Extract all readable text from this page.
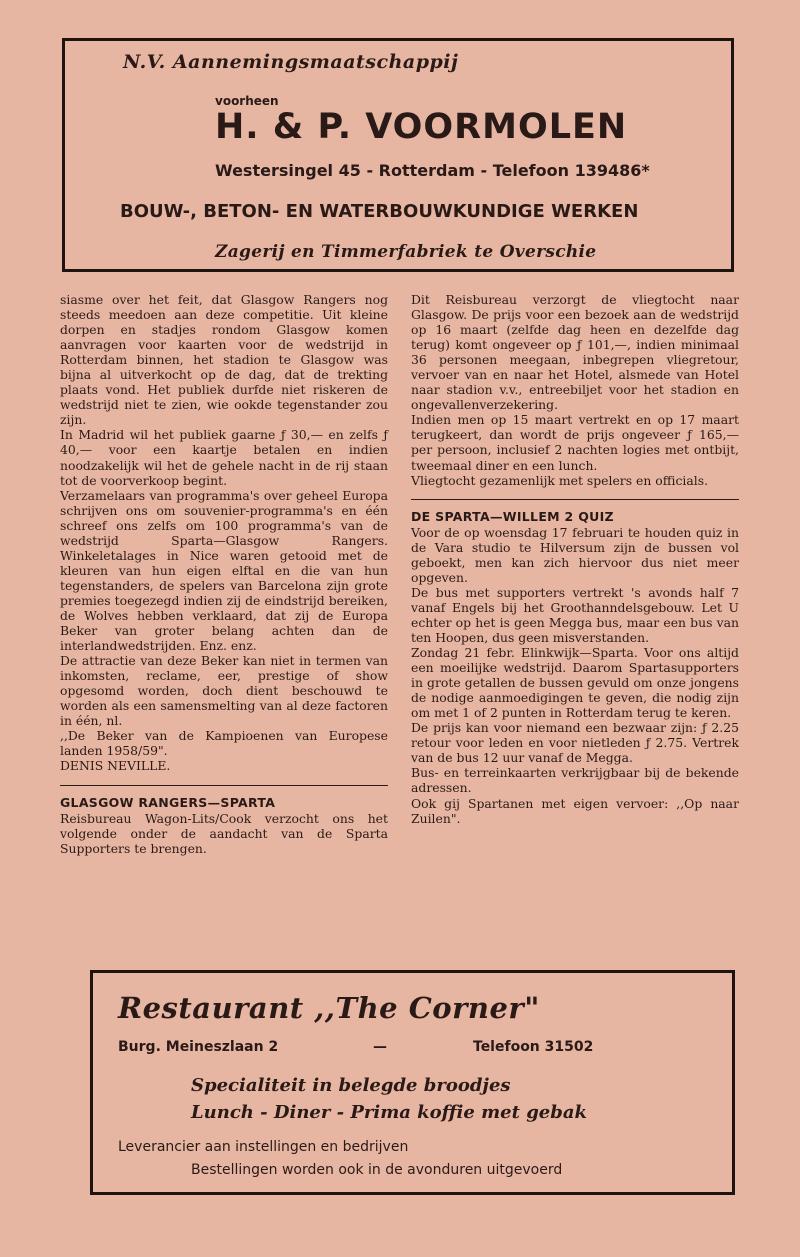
N.V. Aannemingsmaatschappij
voorheen
H. & P. VOORMOLEN
Westersingel 45 - Rotterdam - Telefoon 139486*
BOUW-, BETON- EN WATERBOUWKUNDIGE WERKEN
Zagerij en Timmerfabriek te Overschie

siasme over het feit, dat Glasgow Rangers nog steeds meedoen aan deze competitie. Uit kleine dorpen en stadjes rondom Glasgow komen aanvragen voor kaarten voor de wedstrijd in Rotterdam binnen, het stadion te Glasgow was bijna al uitverkocht op de dag, dat de trekting plaats vond. Het publiek durfde niet riskeren de wedstrijd niet te zien, wie ookde tegenstander zou zijn.

In Madrid wil het publiek gaarne ƒ 30,— en zelfs ƒ 40,— voor een kaartje betalen en indien noodzakelijk wil het de gehele nacht in de rij staan tot de voorverkoop begint.

Verzamelaars van programma's over geheel Europa schrijven ons om souvenier-programma's en één schreef ons zelfs om 100 programma's van de wedstrijd Sparta—Glasgow Rangers. Winkeletalages in Nice waren getooid met de kleuren van hun eigen elftal en die van hun tegenstanders, de spelers van Barcelona zijn grote premies toegezegd indien zij de eindstrijd bereiken, de Wolves hebben verklaard, dat zij de Europa Beker van groter belang achten dan de interlandwedstrijden. Enz. enz.

De attractie van deze Beker kan niet in termen van inkomsten, reclame, eer, prestige of show opgesomd worden, doch dient beschouwd te worden als een samensmelting van al deze factoren in één, nl.

,,De Beker van de Kampioenen van Europese landen 1958/59".

DENIS NEVILLE.

GLASGOW RANGERS—SPARTA

Reisbureau Wagon-Lits/Cook verzocht ons het volgende onder de aandacht van de Sparta Supporters te brengen.

Dit Reisbureau verzorgt de vliegtocht naar Glasgow. De prijs voor een bezoek aan de wedstrijd op 16 maart (zelfde dag heen en dezelfde dag terug) komt ongeveer op ƒ 101,—, indien minimaal 36 personen meegaan, inbegrepen vliegretour, vervoer van en naar het Hotel, alsmede van Hotel naar stadion v.v., entreebiljet voor het stadion en ongevallenverzekering.

Indien men op 15 maart vertrekt en op 17 maart terugkeert, dan wordt de prijs ongeveer ƒ 165,— per persoon, inclusief 2 nachten logies met ontbijt, tweemaal diner en een lunch.

Vliegtocht gezamenlijk met spelers en officials.

DE SPARTA—WILLEM 2 QUIZ

Voor de op woensdag 17 februari te houden quiz in de Vara studio te Hilversum zijn de bussen vol geboekt, men kan zich hiervoor dus niet meer opgeven.

De bus met supporters vertrekt 's avonds half 7 vanaf Engels bij het Groothanndelsgebouw. Let U echter op het is geen Megga bus, maar een bus van ten Hoopen, dus geen misverstanden.

Zondag 21 febr. Elinkwijk—Sparta. Voor ons altijd een moeilijke wedstrijd. Daarom Spartasupporters in grote getallen de bussen gevuld om onze jongens de nodige aanmoedigingen te geven, die nodig zijn om met 1 of 2 punten in Rotterdam terug te keren.

De prijs kan voor niemand een bezwaar zijn: ƒ 2.25 retour voor leden en voor nietleden ƒ 2.75. Vertrek van de bus 12 uur vanaf de Megga.

Bus- en terreinkaarten verkrijgbaar bij de bekende adressen.

Ook gij Spartanen met eigen vervoer: ,,Op naar Zuilen".

Restaurant ,,The Corner"
Burg. Meineszlaan 2	—	Telefoon 31502
Specialiteit in belegde broodjes
Lunch - Diner - Prima koffie met gebak
Leverancier aan instellingen en bedrijven
Bestellingen worden ook in de avonduren uitgevoerd
